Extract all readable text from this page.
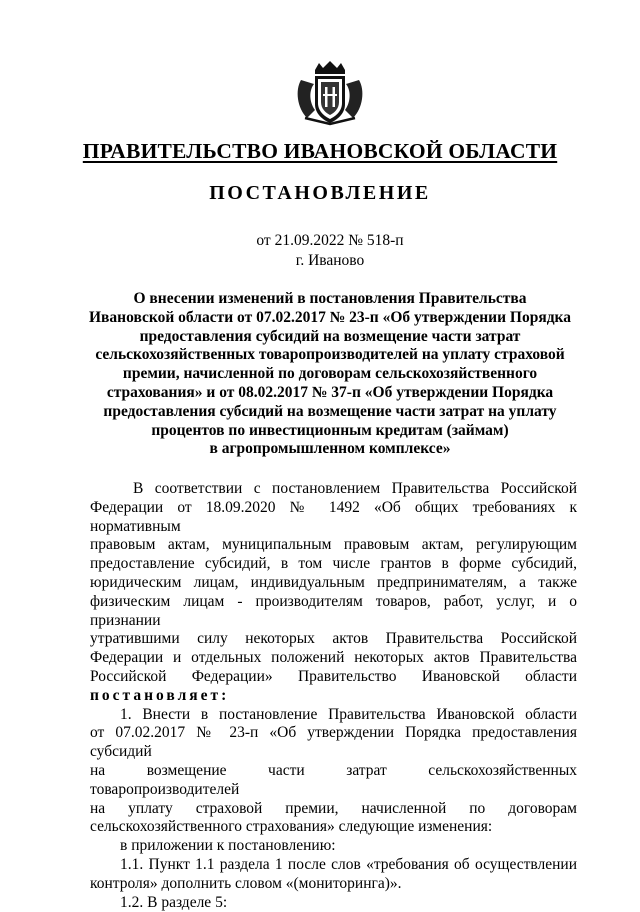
ПРАВИТЕЛЬСТВО ИВАНОВСКОЙ ОБЛАСТИ
ПОСТАНОВЛЕНИЕ
от 21.09.2022 № 518-п
г. Иваново
О внесении изменений в постановления Правительства
Ивановской области от 07.02.2017 № 23-п «Об утверждении Порядка
предоставления субсидий на возмещение части затрат
сельскохозяйственных товаропроизводителей на уплату страховой
премии, начисленной по договорам сельскохозяйственного
страхования» и от 08.02.2017 № 37-п «Об утверждении Порядка
предоставления субсидий на возмещение части затрат на уплату
процентов по инвестиционным кредитам (займам)
в агропромышленном комплексе»
В соответствии с постановлением Правительства Российской
Федерации от 18.09.2020 № 1492 «Об общих требованиях к нормативным
правовым актам, муниципальным правовым актам, регулирующим
предоставление субсидий, в том числе грантов в форме субсидий,
юридическим лицам, индивидуальным предпринимателям, а также
физическим лицам - производителям товаров, работ, услуг, и о признании
утратившими силу некоторых актов Правительства Российской
Федерации и отдельных положений некоторых актов Правительства
Российской Федерации» Правительство Ивановской области
постановляет:
1. Внести в постановление Правительства Ивановской области
от 07.02.2017 № 23-п «Об утверждении Порядка предоставления субсидий
на возмещение части затрат сельскохозяйственных товаропроизводителей
на уплату страховой премии, начисленной по договорам
сельскохозяйственного страхования» следующие изменения:
в приложении к постановлению:
1.1. Пункт 1.1 раздела 1 после слов «требования об осуществлении
контроля» дополнить словом «(мониторинга)».
1.2. В разделе 5:
